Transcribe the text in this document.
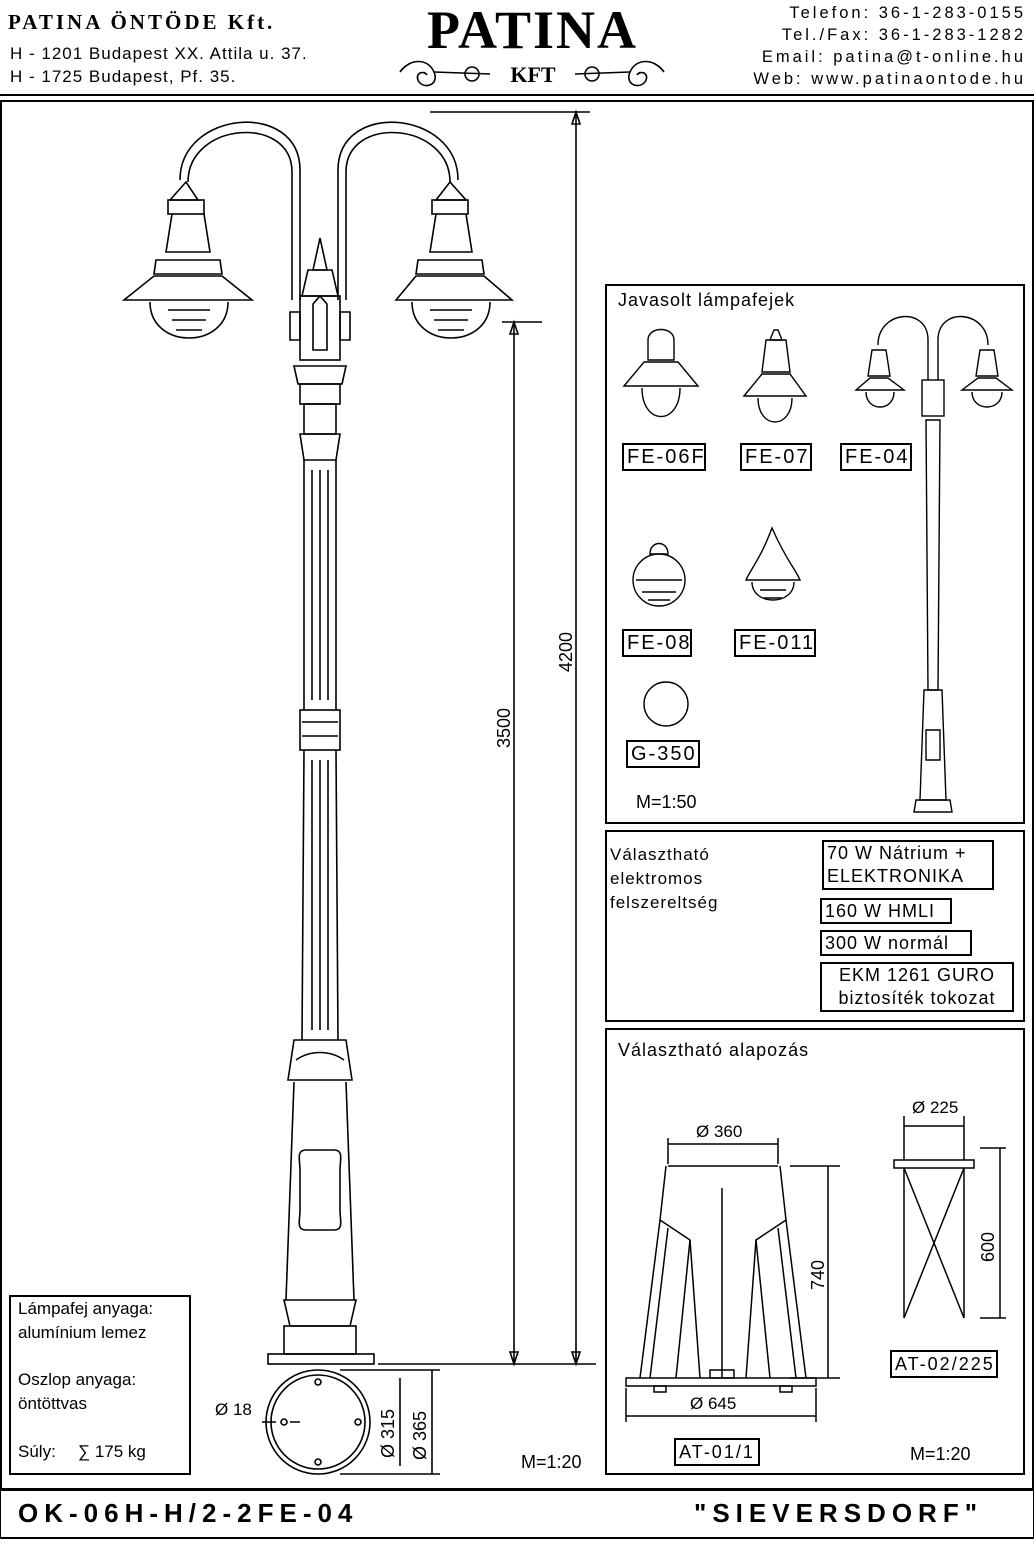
PATINA ÖNTÖDE Kft.
H - 1201 Budapest XX. Attila u. 37.
H - 1725 Budapest, Pf. 35.
PATINA
KFT
Telefon: 36-1-283-0155
Tel./Fax: 36-1-283-1282
Email: patina@t-online.hu
Web: www.patinaontode.hu
4200
3500
Ø 18	Ø 315 Ø 365
M=1:20
Lámpafej anyaga:
alumínium lemez
Oszlop anyaga:
öntöttvas
Súly: ∑ 175 kg
Javasolt lámpafejek
FE-06F FE-07 FE-04
FE-08 FE-011
G-350
M=1:50
Választható
elektromos
felszereltség
70 W Nátrium +
ELEKTRONIKA
160 W HMLI
300 W normál
EKM 1261 GURO
biztosíték tokozat
Választható alapozás
Ø 360
740
Ø 645
AT-01/1
Ø 225
600
AT-02/225
M=1:20
OK-06H-H/2-2FE-04	"SIEVERSDORF"
